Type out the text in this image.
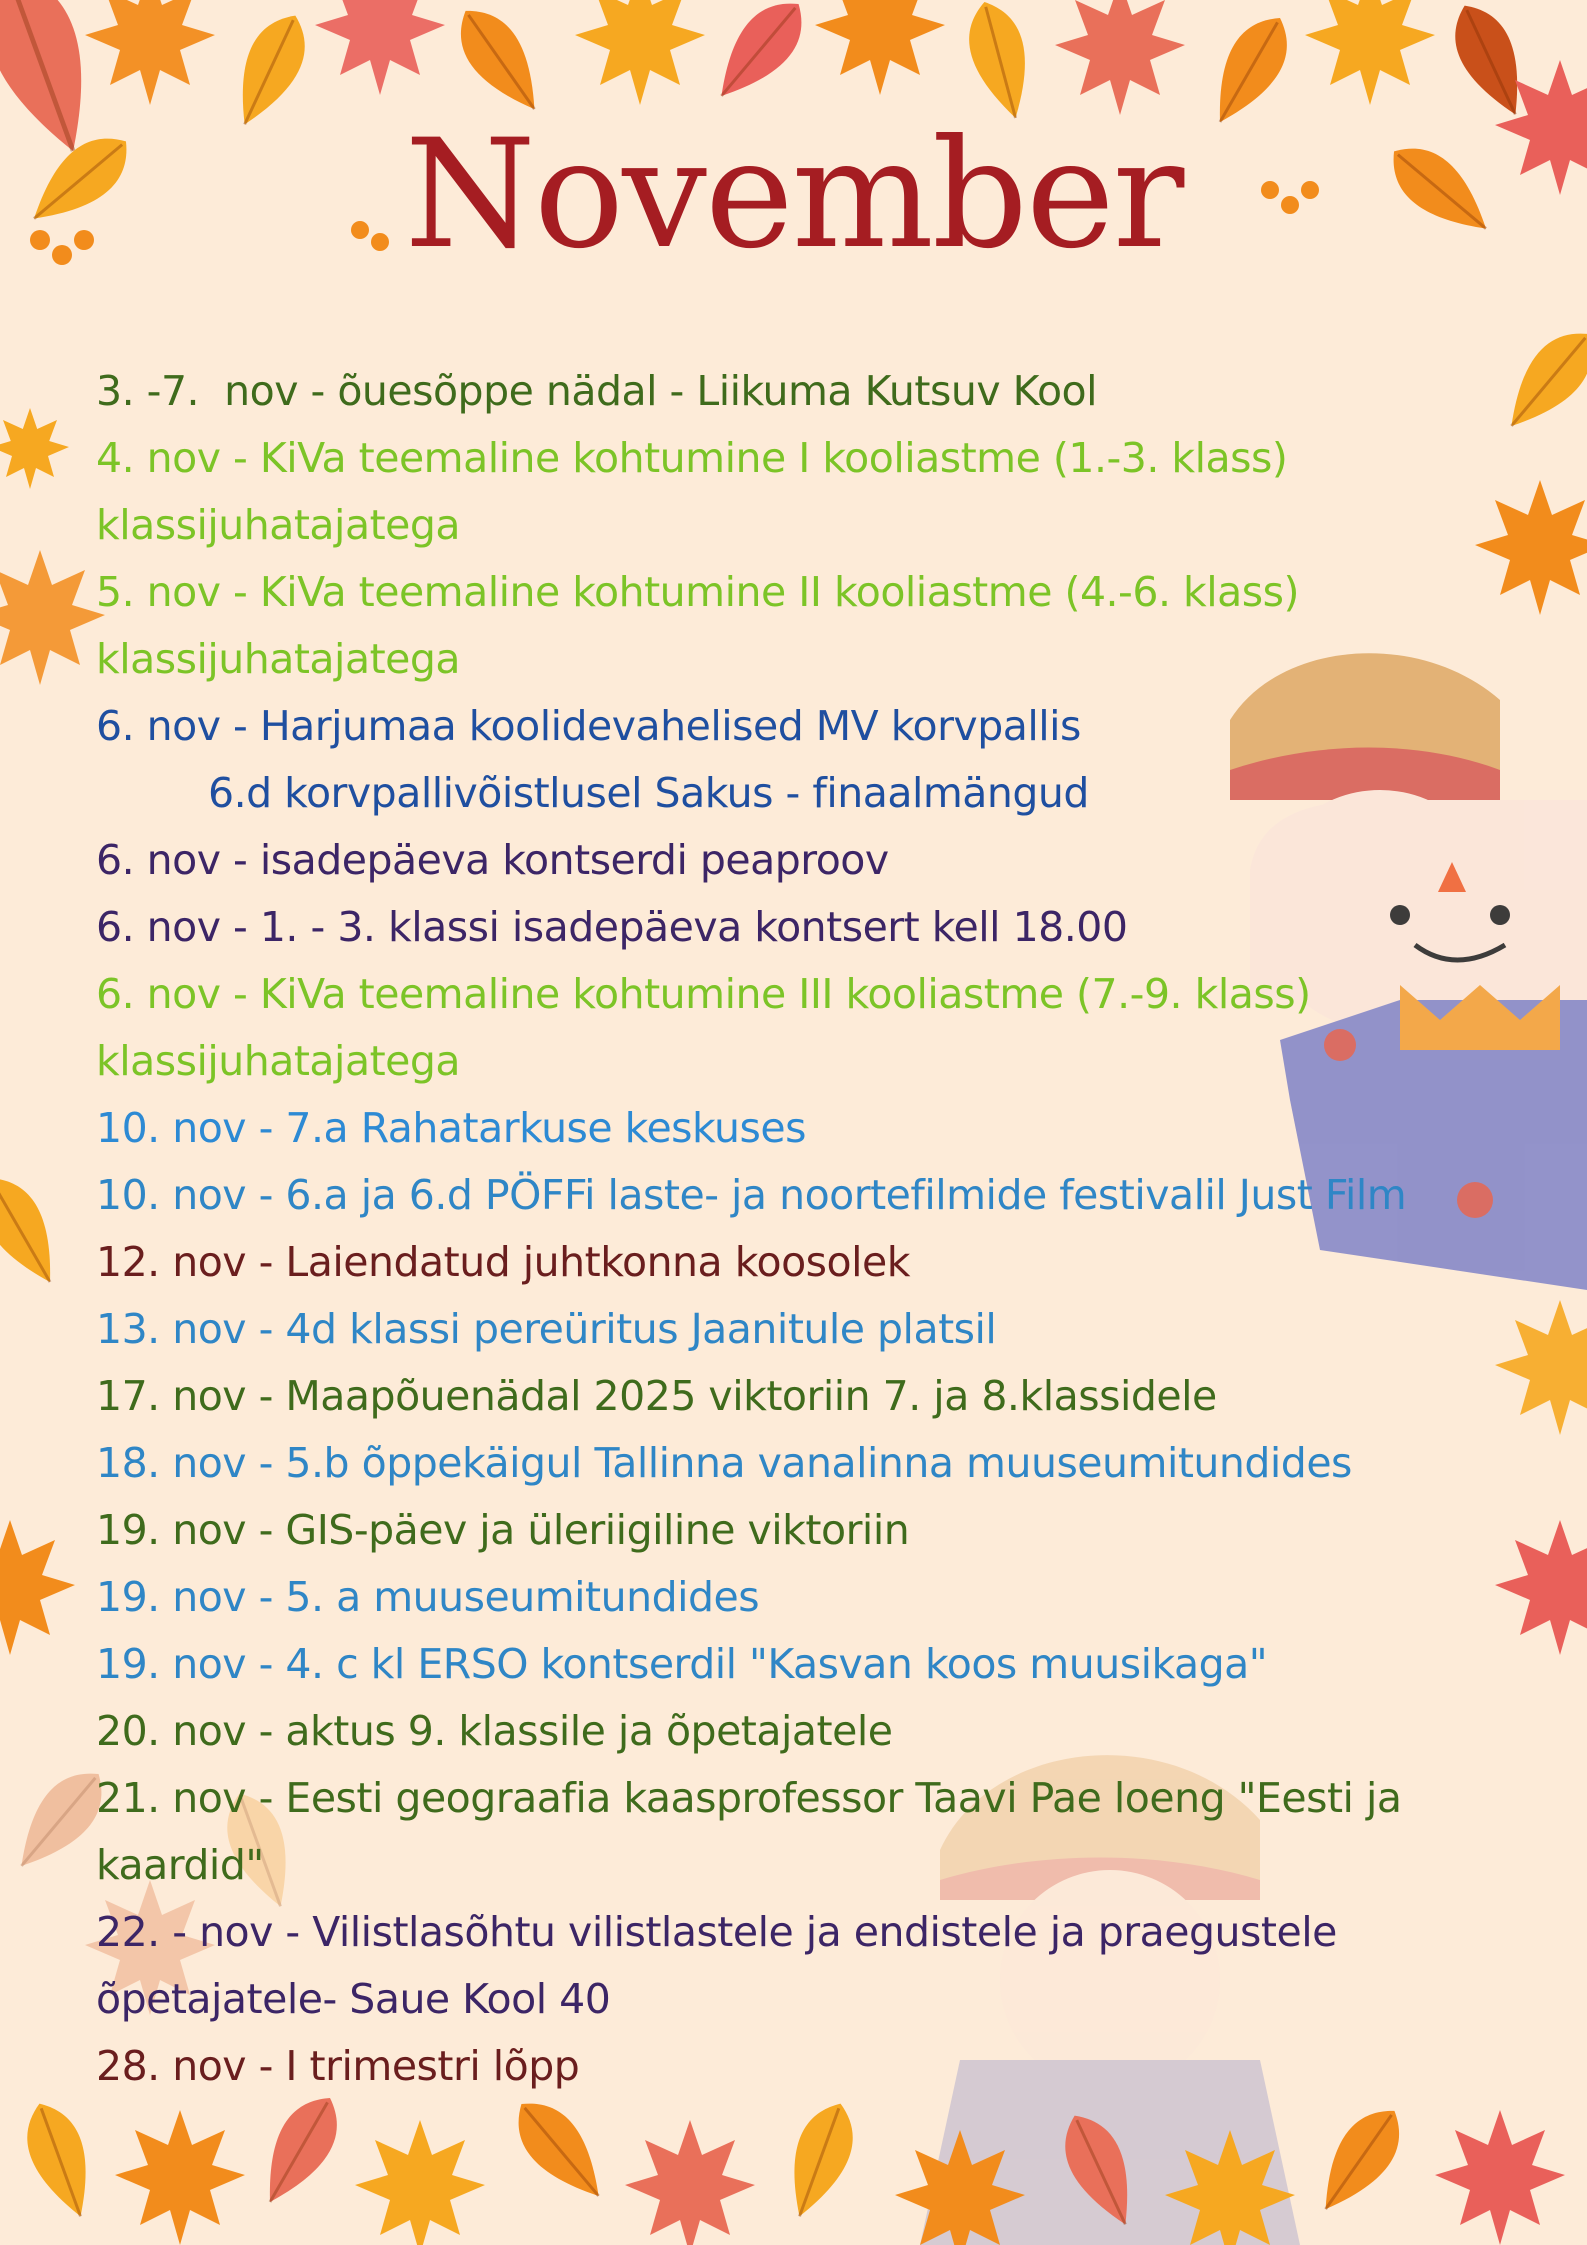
November
3. -7.  nov - õuesõppe nädal - Liikuma Kutsuv Kool
4. nov - KiVa teemaline kohtumine I kooliastme (1.-3. klass) klassijuhatajatega
5. nov - KiVa teemaline kohtumine II kooliastme (4.-6. klass) klassijuhatajatega
6. nov - Harjumaa koolidevahelised MV korvpallis
6.d korvpallivõistlusel Sakus - finaalmängud
6. nov - isadepäeva kontserdi peaproov
6. nov - 1. - 3. klassi isadepäeva kontsert kell 18.00
6. nov - KiVa teemaline kohtumine III kooliastme (7.-9. klass) klassijuhatajatega
10. nov - 7.a Rahatarkuse keskuses
10. nov - 6.a ja 6.d PÖFFi laste- ja noortefilmide festivalil Just Film
12. nov - Laiendatud juhtkonna koosolek
13. nov - 4d klassi pereüritus Jaanitule platsil
17. nov - Maapõuenädal 2025 viktoriin 7. ja 8.klassidele
18. nov - 5.b õppekäigul Tallinna vanalinna muuseumitundides
19. nov - GIS-päev ja üleriigiline viktoriin
19. nov - 5. a muuseumitundides
19. nov - 4. c kl ERSO kontserdil "Kasvan koos muusikaga"
20. nov - aktus 9. klassile ja õpetajatele
21. nov - Eesti geograafia kaasprofessor Taavi Pae loeng "Eesti ja kaardid"
22. - nov - Vilistlasõhtu vilistlastele ja endistele ja praegustele õpetajatele- Saue Kool 40
28. nov - I trimestri lõpp
